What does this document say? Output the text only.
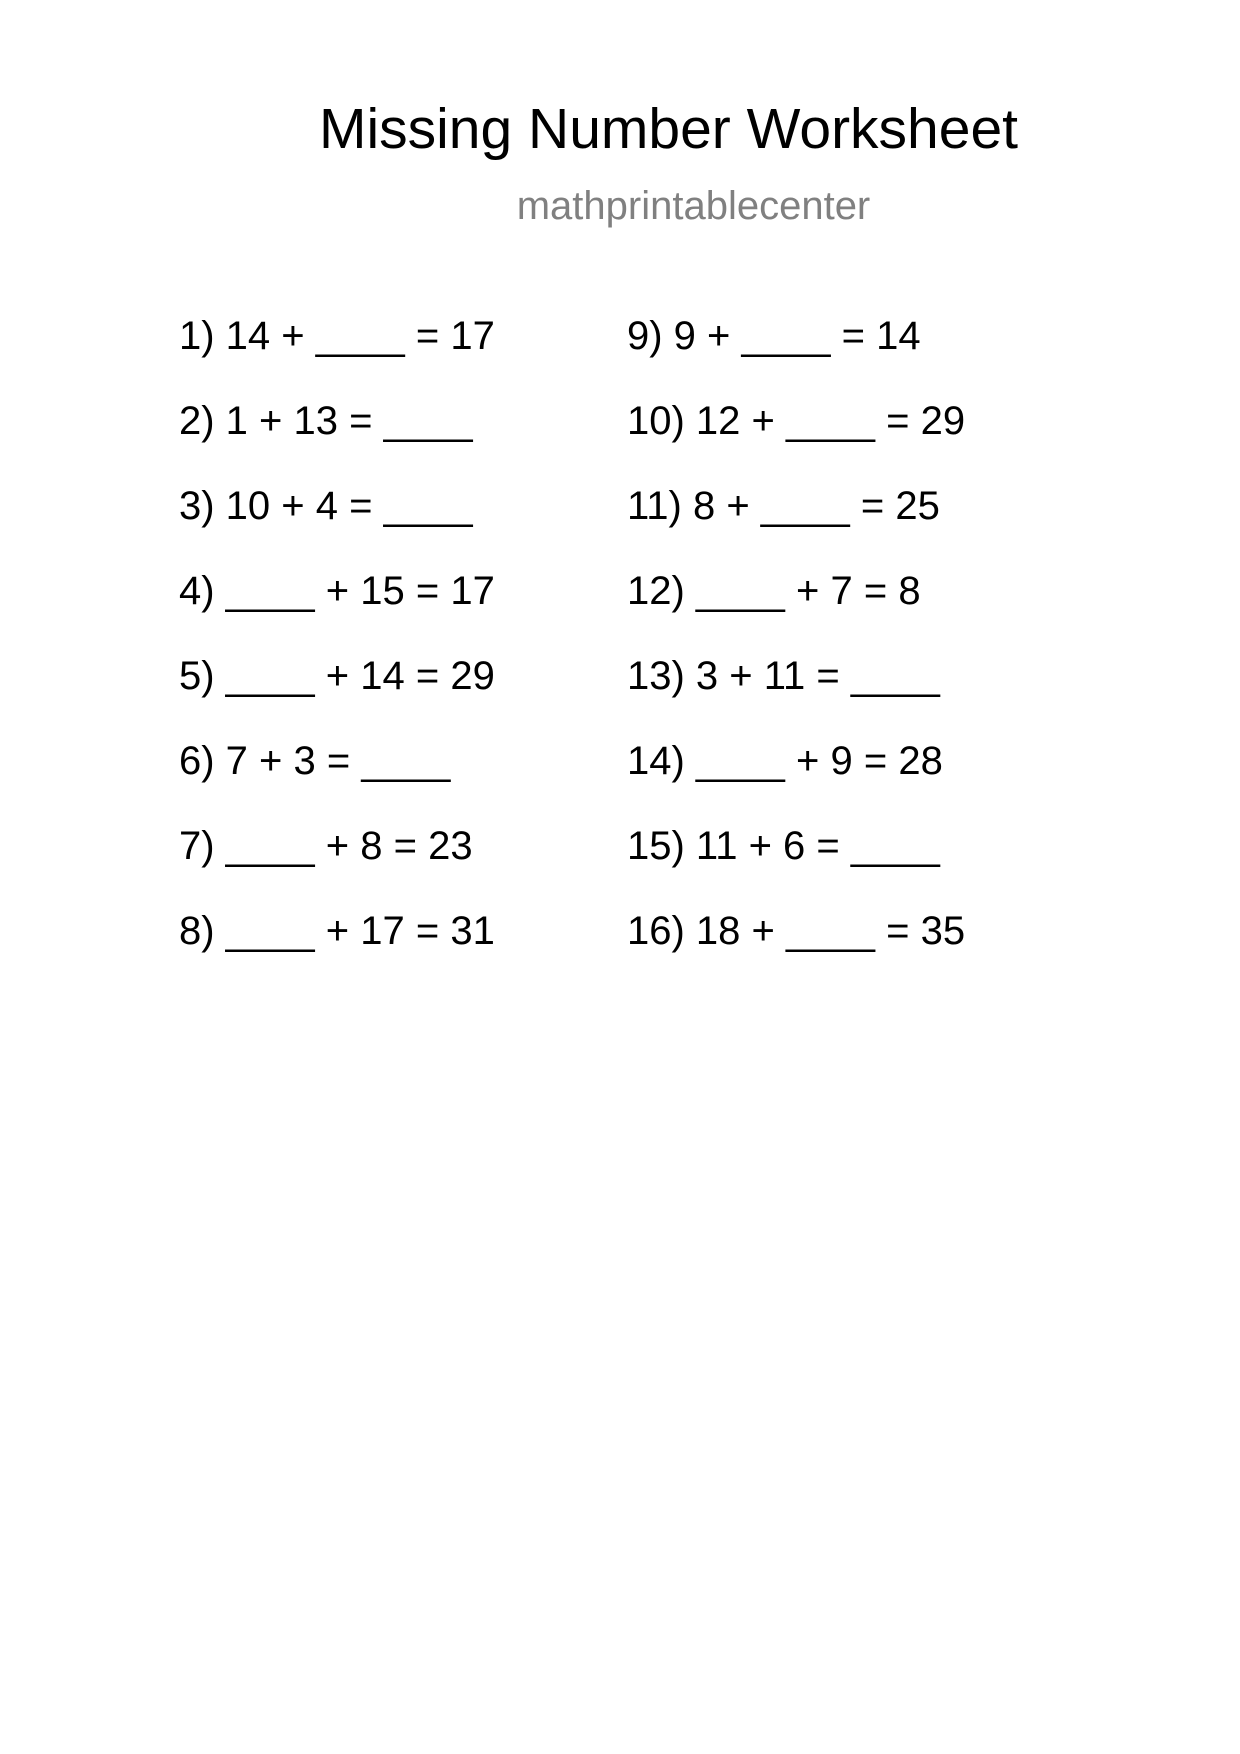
Missing Number Worksheet
mathprintablecenter
1) 14 + ____ = 17
2) 1 + 13 = ____
3) 10 + 4 = ____
4) ____ + 15 = 17
5) ____ + 14 = 29
6) 7 + 3 = ____
7) ____ + 8 = 23
8) ____ + 17 = 31
9) 9 + ____ = 14
10) 12 + ____ = 29
11) 8 + ____ = 25
12) ____ + 7 = 8
13) 3 + 11 = ____
14) ____ + 9 = 28
15) 11 + 6 = ____
16) 18 + ____ = 35
